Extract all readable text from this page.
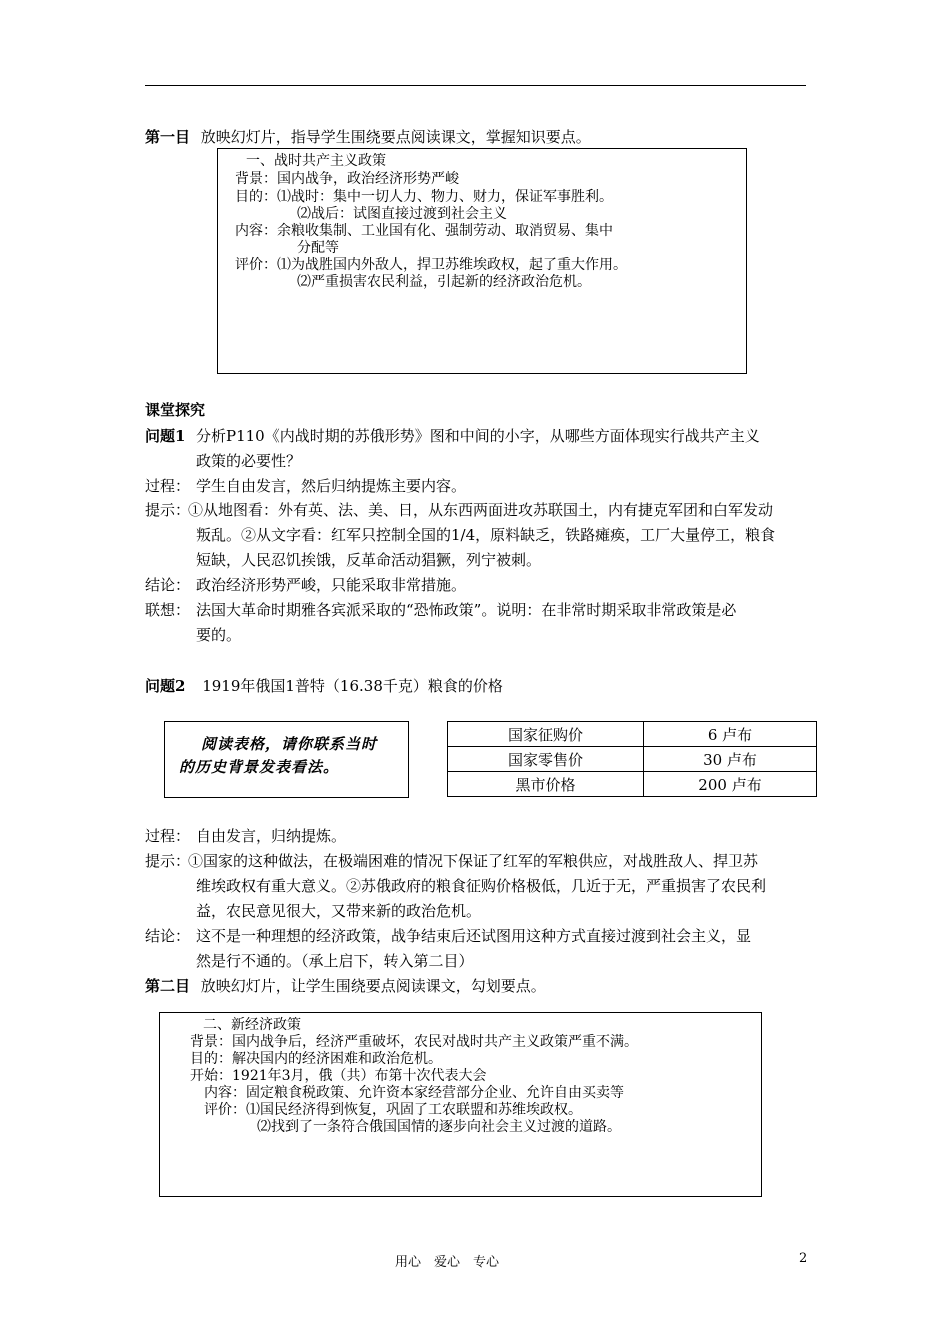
第一目 放映幻灯片，指导学生围绕要点阅读课文，掌握知识要点。
一、战时共产主义政策
背景：国内战争，政治经济形势严峻
目的：⑴战时：集中一切人力、物力、财力，保证军事胜利。
⑵战后：试图直接过渡到社会主义
内容：余粮收集制、工业国有化、强制劳动、取消贸易、集中
分配等
评价：⑴为战胜国内外敌人，捍卫苏维埃政权，起了重大作用。
⑵严重损害农民利益，引起新的经济政治危机。
课堂探究
问题1 分析P110《内战时期的苏俄形势》图和中间的小字，从哪些方面体现实行战共产主义
政策的必要性？
过程： 学生自由发言，然后归纳提炼主要内容。
提示：
①从地图看：外有英、法、美、日，从东西两面进攻苏联国土，内有捷克军团和白军发动
叛乱。②从文字看：红军只控制全国的1/4，原料缺乏，铁路瘫痪，工厂大量停工，粮食
短缺，人民忍饥挨饿，反革命活动猖獗，列宁被刺。
结论： 政治经济形势严峻，只能采取非常措施。
联想： 法国大革命时期雅各宾派采取的“恐怖政策”。说明：在非常时期采取非常政策是必
要的。
问题2 1919年俄国1普特（16.38千克）粮食的价格
阅读表格，请你联系当时
的历史背景发表看法。
国家征购价	6 卢布
国家零售价	30 卢布
黑市价格	200 卢布
过程： 自由发言，归纳提炼。
提示：
①国家的这种做法，在极端困难的情况下保证了红军的军粮供应，对战胜敌人、捍卫苏
维埃政权有重大意义。②苏俄政府的粮食征购价格极低，几近于无，严重损害了农民利
益，农民意见很大，又带来新的政治危机。
结论： 这不是一种理想的经济政策，战争结束后还试图用这种方式直接过渡到社会主义，显
然是行不通的。（承上启下，转入第二目）
第二目 放映幻灯片，让学生围绕要点阅读课文，勾划要点。
二、新经济政策
背景：国内战争后，经济严重破坏，农民对战时共产主义政策严重不满。
目的：解决国内的经济困难和政治危机。
开始：1921年3月，俄（共）布第十次代表大会
内容：固定粮食税政策、允许资本家经营部分企业、允许自由买卖等
评价：⑴国民经济得到恢复，巩固了工农联盟和苏维埃政权。
⑵找到了一条符合俄国国情的逐步向社会主义过渡的道路。
用心　爱心　专心	2
